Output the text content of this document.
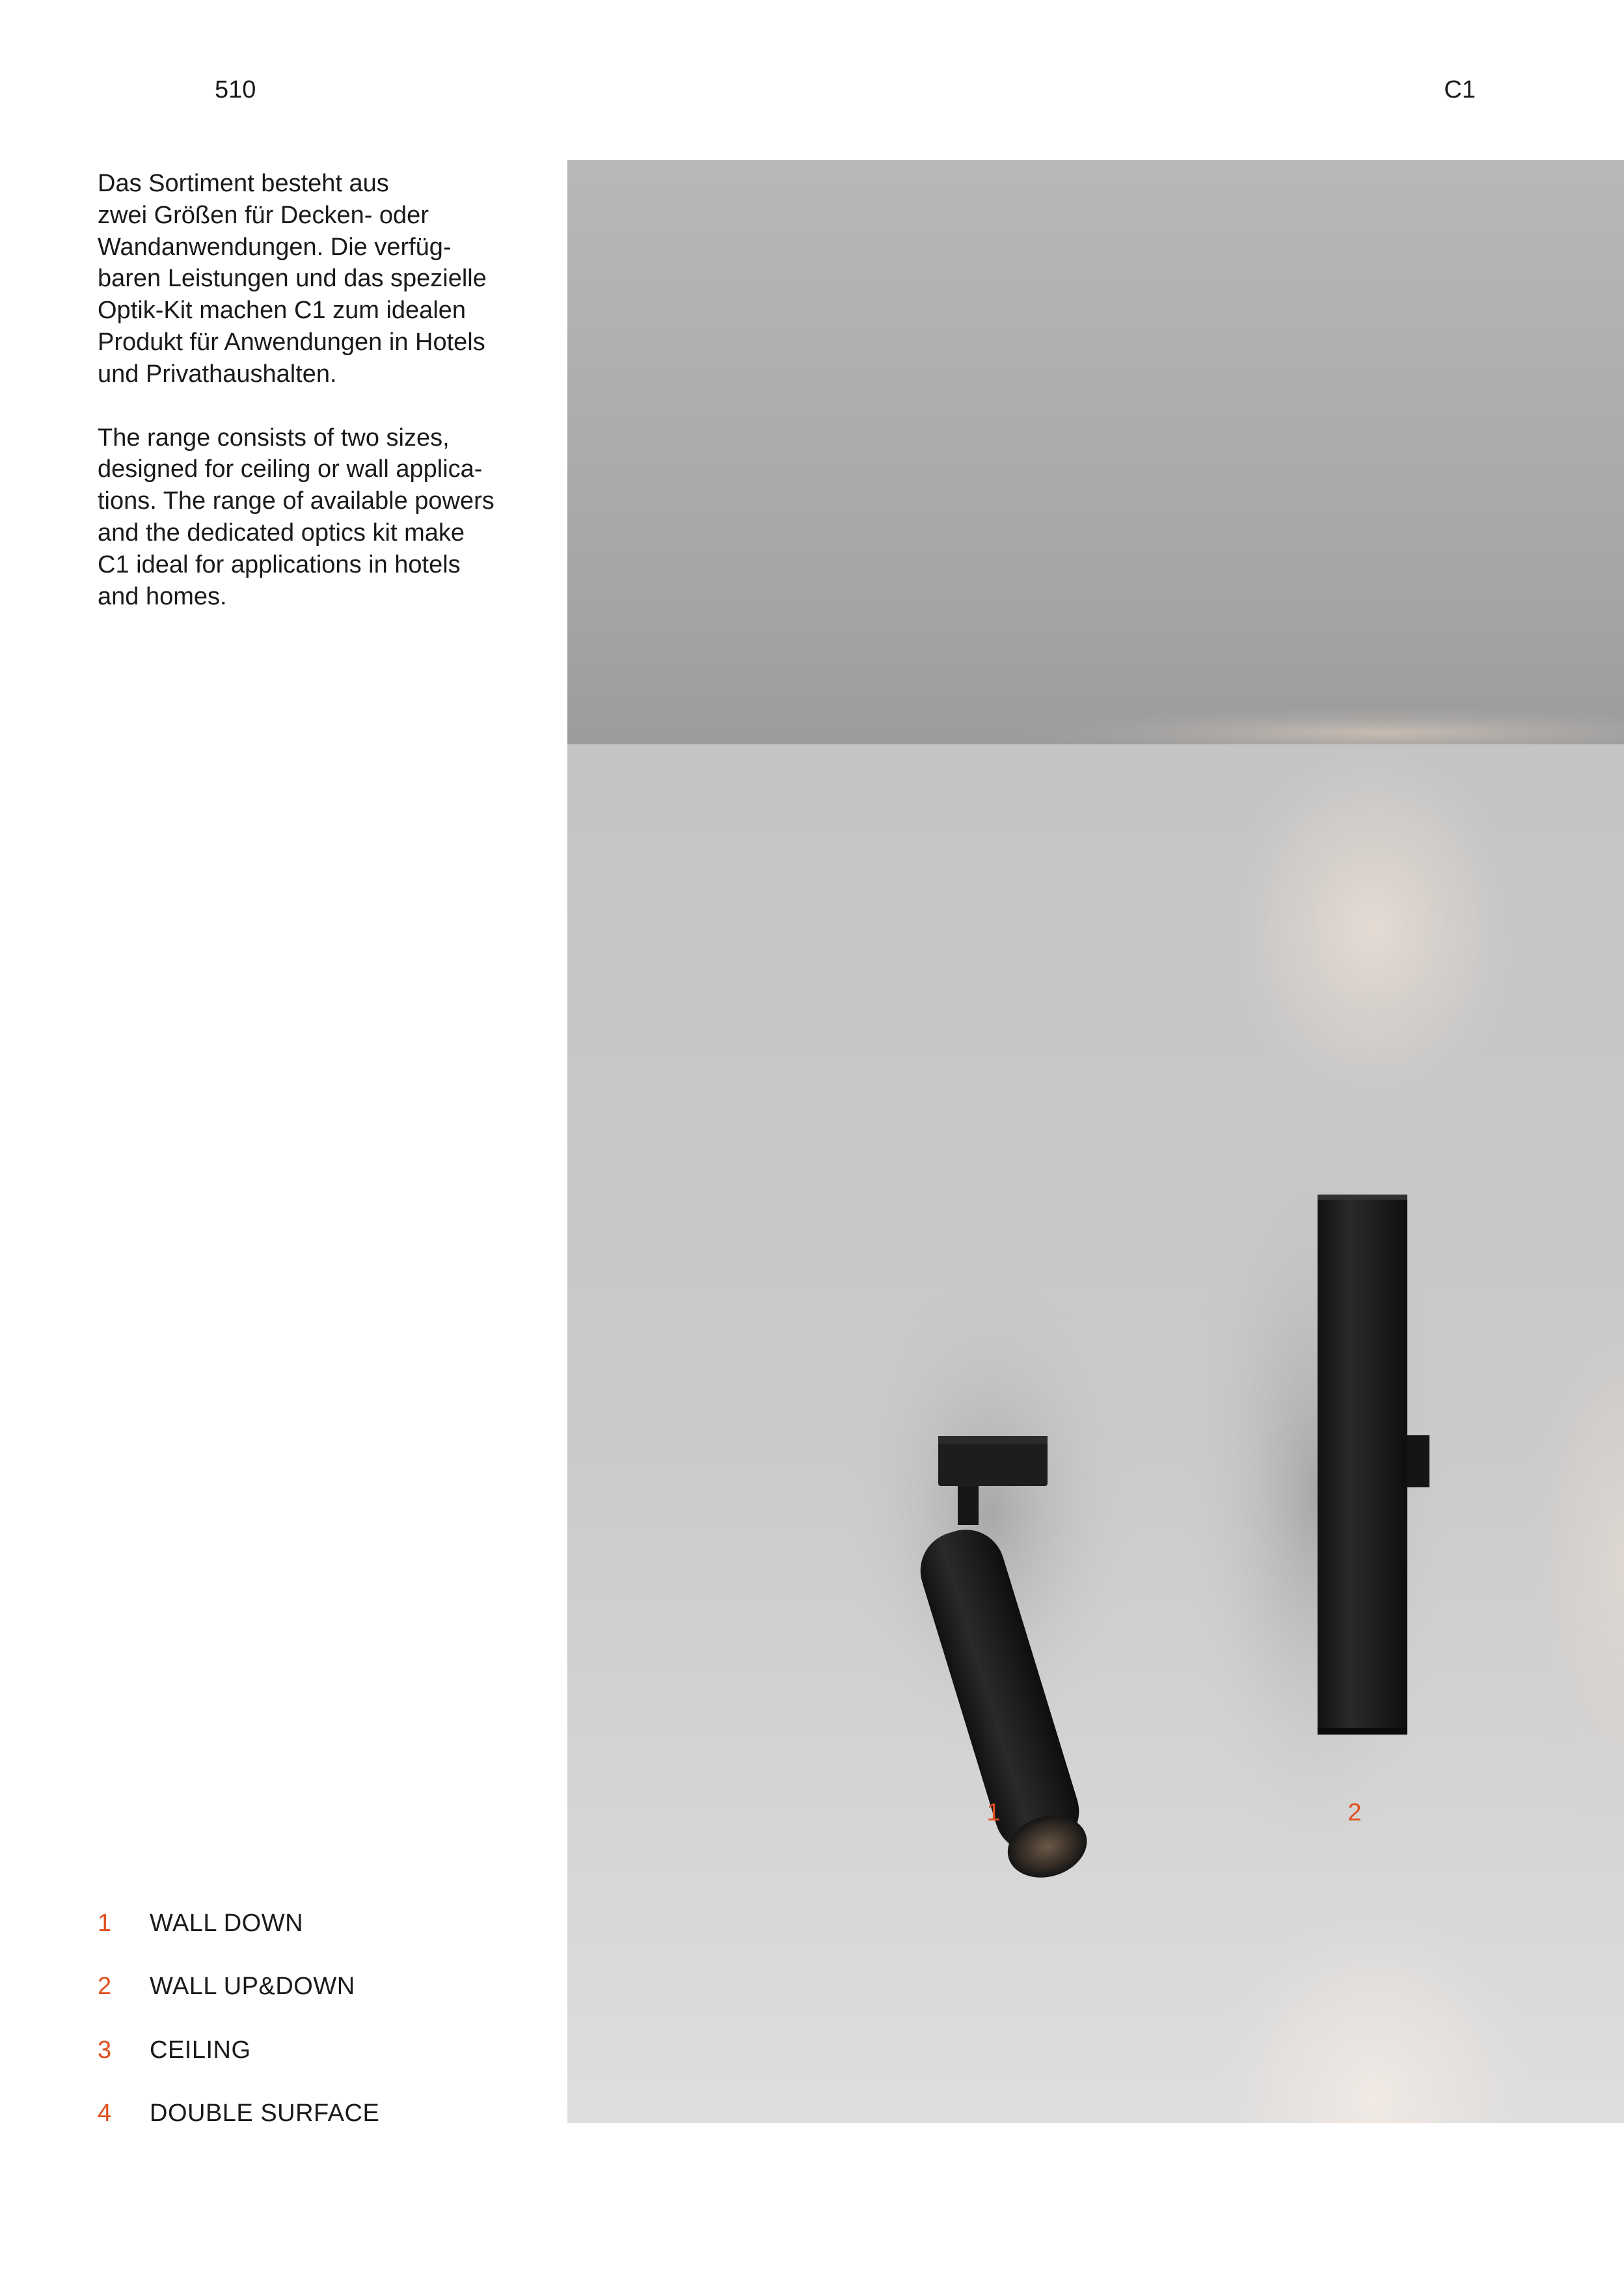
510	C1

Das Sortiment besteht aus
zwei Größen für Decken- oder
Wandanwendungen. Die verfüg-
baren Leistungen und das spezielle
Optik-Kit machen C1 zum idealen
Produkt für Anwendungen in Hotels
und Privathaushalten.

The range consists of two sizes,
designed for ceiling or wall applica-
tions. The range of available powers
and the dedicated optics kit make
C1 ideal for applications in hotels
and homes.

1	2
1	WALL DOWN
2	WALL UP&DOWN
3	CEILING
4	DOUBLE SURFACE
